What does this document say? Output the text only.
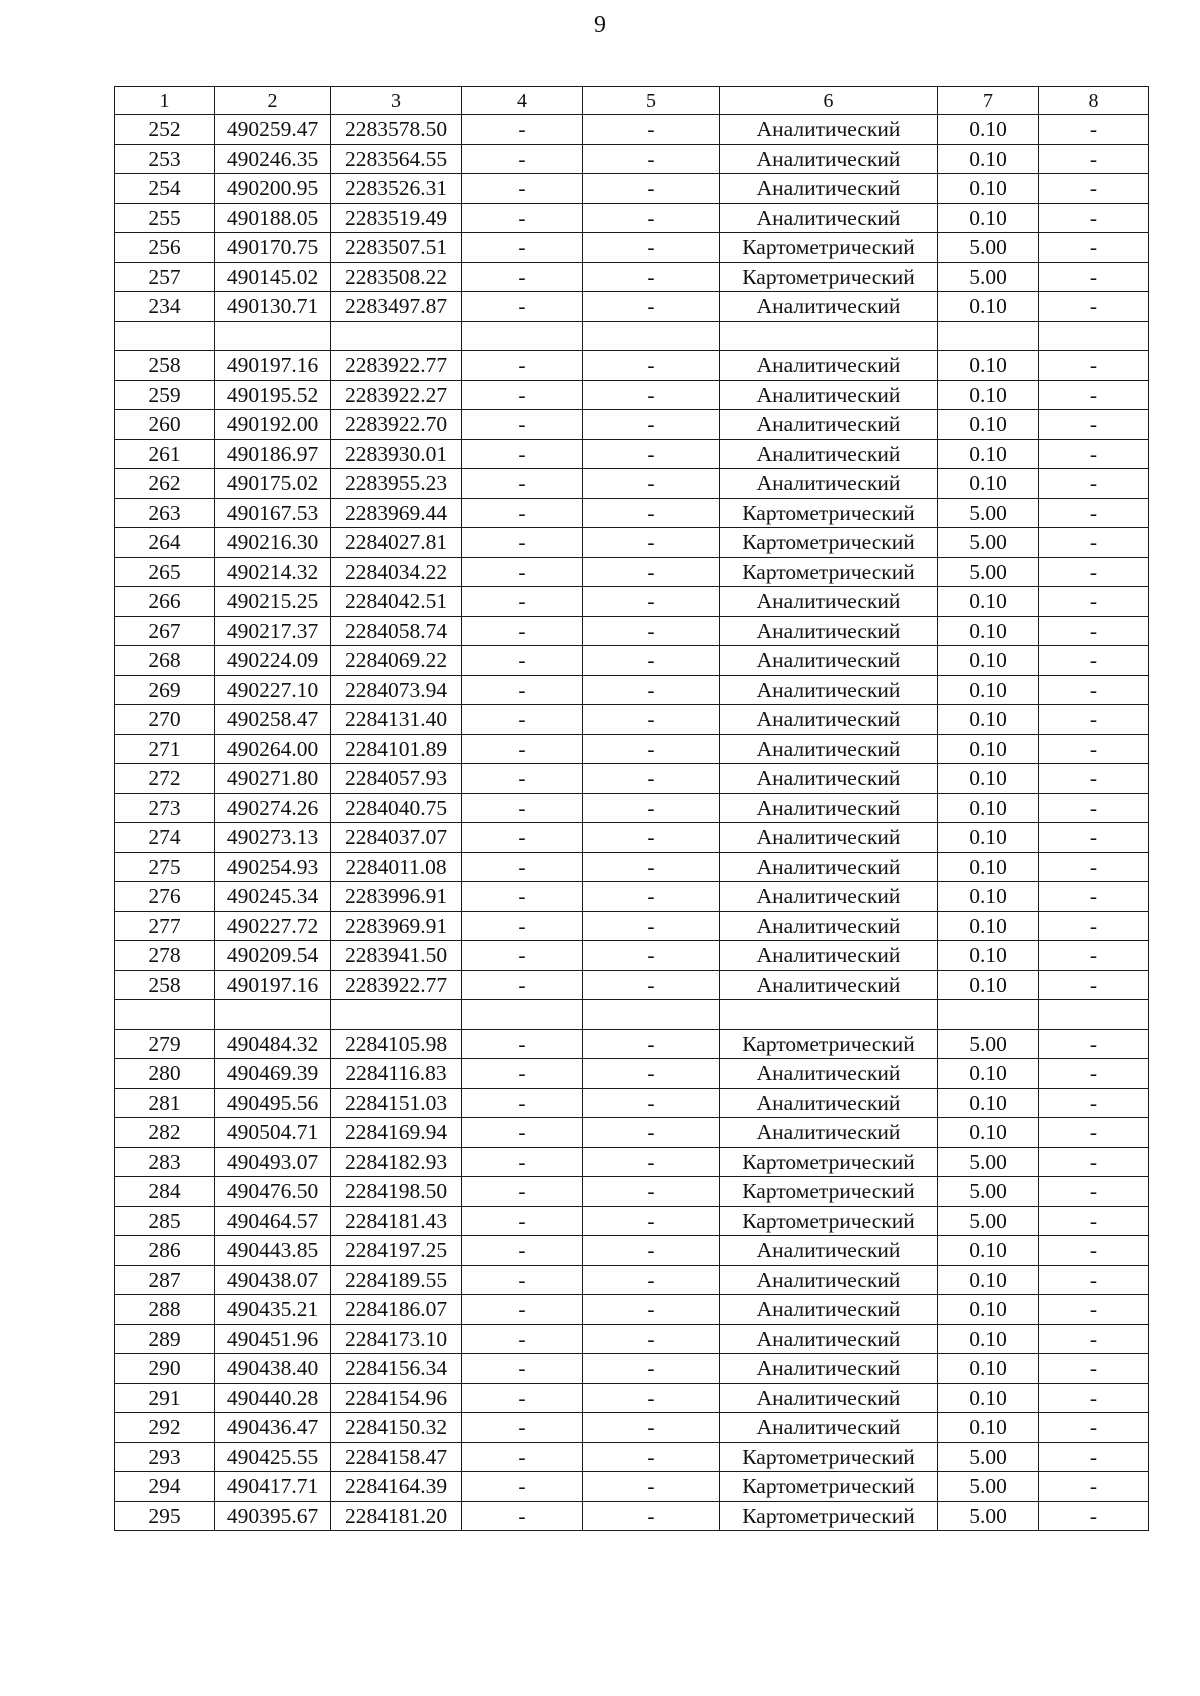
9
1	2	3	4	5	6	7	8
252	490259.47	2283578.50	-	-	Аналитический	0.10	-
253	490246.35	2283564.55	-	-	Аналитический	0.10	-
254	490200.95	2283526.31	-	-	Аналитический	0.10	-
255	490188.05	2283519.49	-	-	Аналитический	0.10	-
256	490170.75	2283507.51	-	-	Картометрический	5.00	-
257	490145.02	2283508.22	-	-	Картометрический	5.00	-
234	490130.71	2283497.87	-	-	Аналитический	0.10	-

258	490197.16	2283922.77	-	-	Аналитический	0.10	-
259	490195.52	2283922.27	-	-	Аналитический	0.10	-
260	490192.00	2283922.70	-	-	Аналитический	0.10	-
261	490186.97	2283930.01	-	-	Аналитический	0.10	-
262	490175.02	2283955.23	-	-	Аналитический	0.10	-
263	490167.53	2283969.44	-	-	Картометрический	5.00	-
264	490216.30	2284027.81	-	-	Картометрический	5.00	-
265	490214.32	2284034.22	-	-	Картометрический	5.00	-
266	490215.25	2284042.51	-	-	Аналитический	0.10	-
267	490217.37	2284058.74	-	-	Аналитический	0.10	-
268	490224.09	2284069.22	-	-	Аналитический	0.10	-
269	490227.10	2284073.94	-	-	Аналитический	0.10	-
270	490258.47	2284131.40	-	-	Аналитический	0.10	-
271	490264.00	2284101.89	-	-	Аналитический	0.10	-
272	490271.80	2284057.93	-	-	Аналитический	0.10	-
273	490274.26	2284040.75	-	-	Аналитический	0.10	-
274	490273.13	2284037.07	-	-	Аналитический	0.10	-
275	490254.93	2284011.08	-	-	Аналитический	0.10	-
276	490245.34	2283996.91	-	-	Аналитический	0.10	-
277	490227.72	2283969.91	-	-	Аналитический	0.10	-
278	490209.54	2283941.50	-	-	Аналитический	0.10	-
258	490197.16	2283922.77	-	-	Аналитический	0.10	-

279	490484.32	2284105.98	-	-	Картометрический	5.00	-
280	490469.39	2284116.83	-	-	Аналитический	0.10	-
281	490495.56	2284151.03	-	-	Аналитический	0.10	-
282	490504.71	2284169.94	-	-	Аналитический	0.10	-
283	490493.07	2284182.93	-	-	Картометрический	5.00	-
284	490476.50	2284198.50	-	-	Картометрический	5.00	-
285	490464.57	2284181.43	-	-	Картометрический	5.00	-
286	490443.85	2284197.25	-	-	Аналитический	0.10	-
287	490438.07	2284189.55	-	-	Аналитический	0.10	-
288	490435.21	2284186.07	-	-	Аналитический	0.10	-
289	490451.96	2284173.10	-	-	Аналитический	0.10	-
290	490438.40	2284156.34	-	-	Аналитический	0.10	-
291	490440.28	2284154.96	-	-	Аналитический	0.10	-
292	490436.47	2284150.32	-	-	Аналитический	0.10	-
293	490425.55	2284158.47	-	-	Картометрический	5.00	-
294	490417.71	2284164.39	-	-	Картометрический	5.00	-
295	490395.67	2284181.20	-	-	Картометрический	5.00	-
